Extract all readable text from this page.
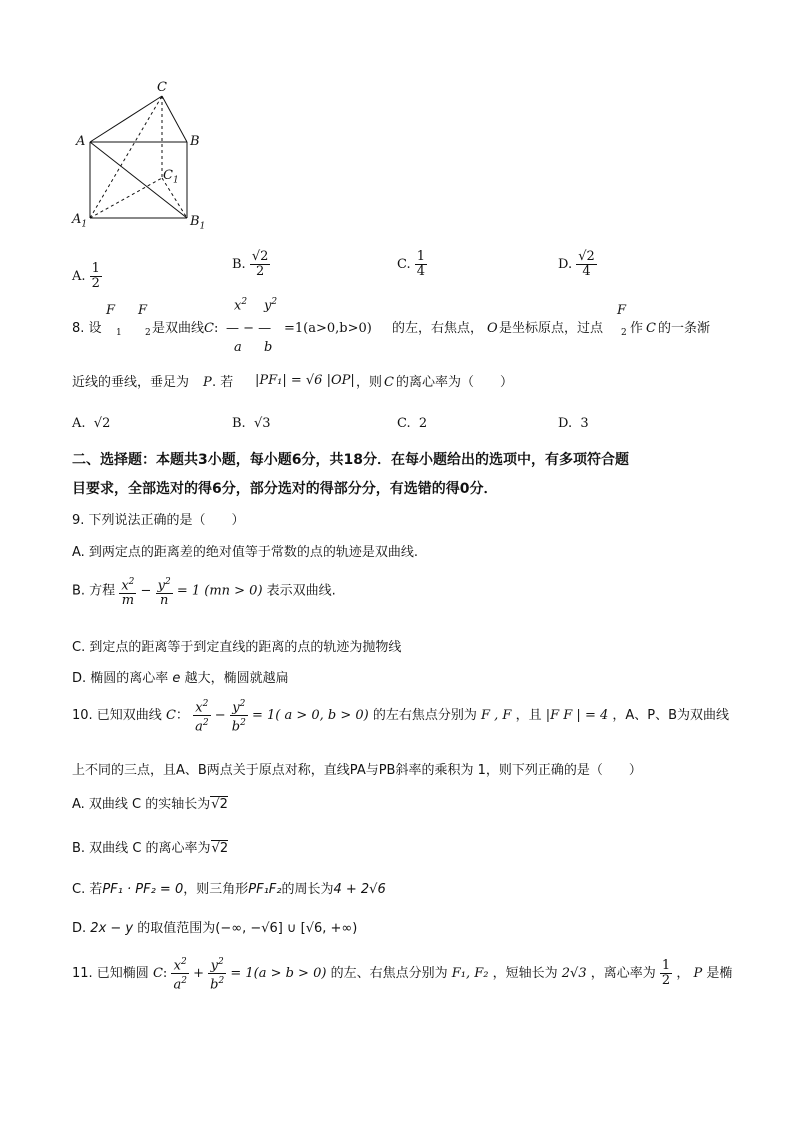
C
A	B
$C_1$
$A_1$	$B_1$
A. $\frac{1}{2}$	B. $\frac{√2}{2}$	C. $\frac{1}{4}$	D. $\frac{√2}{4}$
8. 设
F
1
F
2 是双曲线 C :
$x^2$ $y^2$
— − —
a b
=1(a>0,b>0) 的左，右焦点， O 是坐标原点，过点
F
2 作 C 的一条渐
近线的垂线，垂足为 P . 若 |PF₁| = √6 |OP| ，则 C 的离心率为（　　）
A. √2	B. √3	C. 2	D. 3
二、选择题：本题共3小题，每小题6分，共18分．在每小题给出的选项中，有多项符合题
目要求，全部选对的得6分，部分选对的得部分分，有选错的得0分．
9. 下列说法正确的是（　　）
A. 到两定点的距离差的绝对值等于常数的点的轨迹是双曲线.
B. 方程 $\frac{x^2}{m} - \frac{y^2}{n} = 1$ (mn > 0) 表示双曲线.
C. 到定点的距离等于到定直线的距离的点的轨迹为抛物线
D. 椭圆的离心率 e 越大，椭圆就越扁
10. 已知双曲线 C： $\frac{x^2}{a^2} - \frac{y^2}{b^2} = 1$( a > 0, b > 0) 的左右焦点分别为 F , F ，且 |F F | = 4 ，A、P、B为双曲线
上不同的三点，且A、B两点关于原点对称，直线PA与PB斜率的乘积为 1，则下列正确的是（　　）
A. 双曲线 C 的实轴长为√2
B. 双曲线 C 的离心率为√2
C. 若PF₁ · PF₂ = 0，则三角形PF₁F₂的周长为4 + 2√6
D. 2x − y 的取值范围为(−∞, −√6] ∪ [√6, +∞)
11. 已知椭圆 C: $\frac{x^2}{a^2} + \frac{y^2}{b^2} = 1(a > b > 0)$ 的左、右焦点分别为 F₁, F₂ ，短轴长为 2√3 ，离心率为 $\frac{1}{2}$ ， P 是椭
